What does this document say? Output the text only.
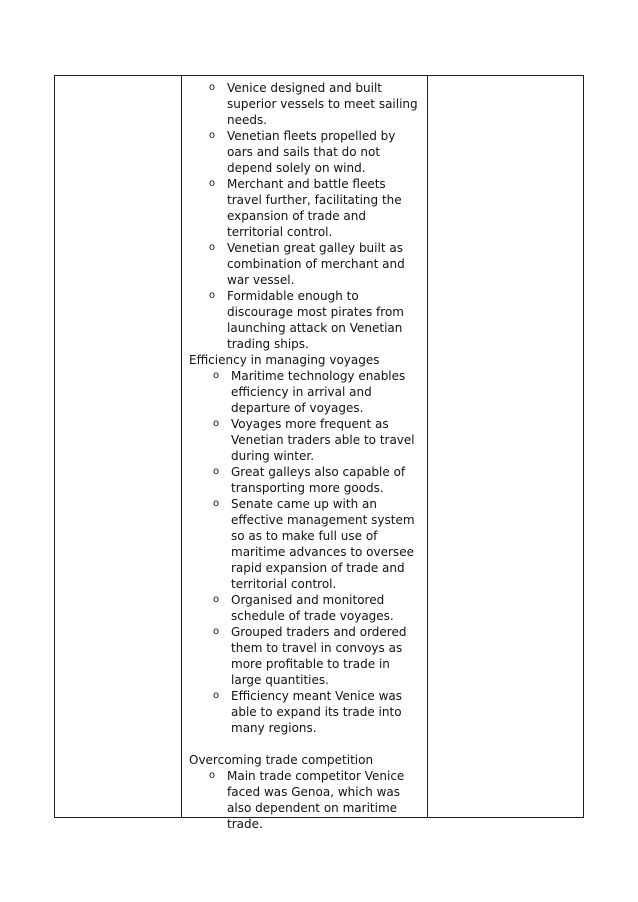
o Venice designed and built superior vessels to meet sailing needs.
o Venetian fleets propelled by oars and sails that do not depend solely on wind.
o Merchant and battle fleets travel further, facilitating the expansion of trade and territorial control.
o Venetian great galley built as combination of merchant and war vessel.
o Formidable enough to discourage most pirates from launching attack on Venetian trading ships.
Efficiency in managing voyages
o Maritime technology enables efficiency in arrival and departure of voyages.
o Voyages more frequent as Venetian traders able to travel during winter.
o Great galleys also capable of transporting more goods.
o Senate came up with an effective management system so as to make full use of maritime advances to oversee rapid expansion of trade and territorial control.
o Organised and monitored schedule of trade voyages.
o Grouped traders and ordered them to travel in convoys as more profitable to trade in large quantities.
o Efficiency meant Venice was able to expand its trade into many regions.
Overcoming trade competition
o Main trade competitor Venice faced was Genoa, which was also dependent on maritime trade.
